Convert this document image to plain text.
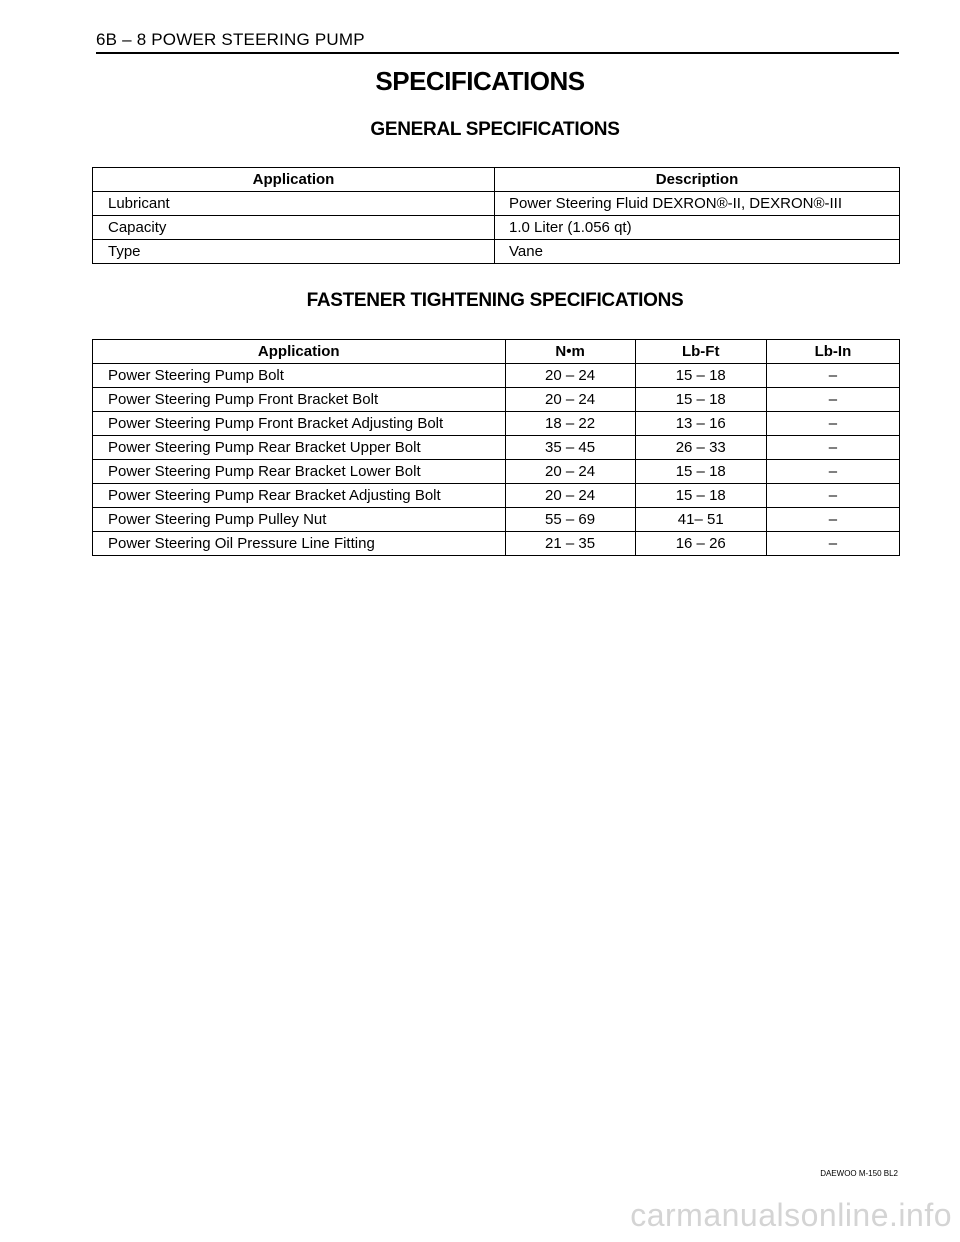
6B – 8 POWER STEERING PUMP
SPECIFICATIONS
GENERAL SPECIFICATIONS
Application	Description
Lubricant	Power Steering Fluid DEXRON®-II, DEXRON®-III
Capacity	1.0 Liter (1.056 qt)
Type	Vane
FASTENER TIGHTENING SPECIFICATIONS
Application	N•m	Lb-Ft	Lb-In
Power Steering Pump Bolt	20 – 24	15 – 18	–
Power Steering Pump Front Bracket Bolt	20 – 24	15 – 18	–
Power Steering Pump Front Bracket Adjusting Bolt	18 – 22	13 – 16	–
Power Steering Pump Rear Bracket Upper Bolt	35 – 45	26 – 33	–
Power Steering Pump Rear Bracket Lower Bolt	20 – 24	15 – 18	–
Power Steering Pump Rear Bracket Adjusting Bolt	20 – 24	15 – 18	–
Power Steering Pump Pulley Nut	55 – 69	41– 51	–
Power Steering Oil Pressure Line Fitting	21 – 35	16 – 26	–
DAEWOO M-150 BL2
carmanualsonline.info
